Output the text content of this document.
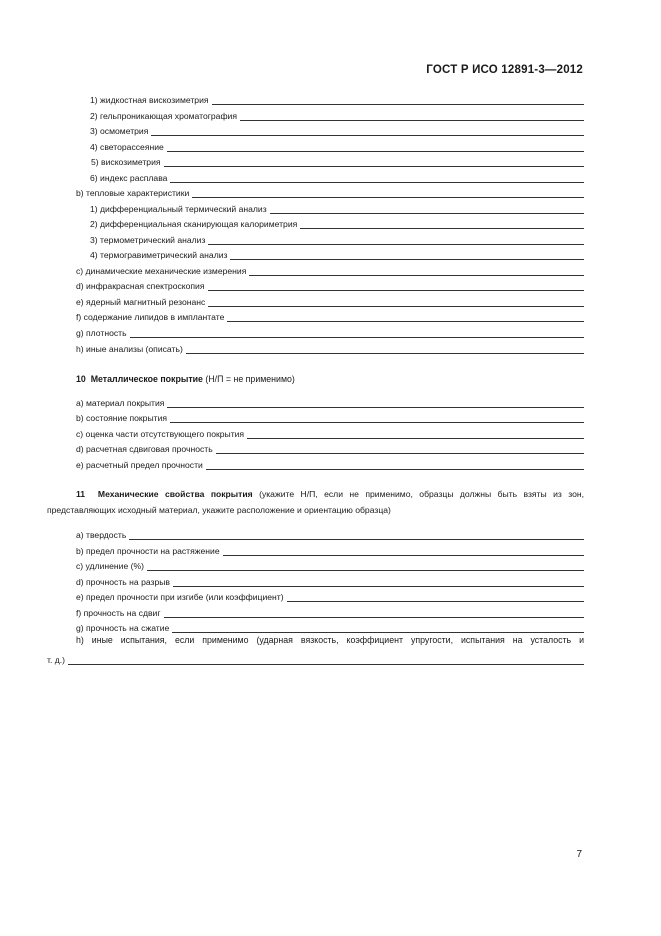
ГОСТ Р ИСО 12891-3—2012
1) жидкостная вискозиметрия
2) гельпроникающая хроматография
3) осмометрия
4) светорассеяние
5) вискозиметрия
6) индекс расплава
b) тепловые характеристики
1) дифференциальный термический анализ
2) дифференциальная сканирующая калориметрия
3) термометрический анализ
4) термогравиметрический анализ
c) динамические механические измерения
d) инфракрасная спектроскопия
e) ядерный магнитный резонанс
f) содержание липидов в имплантате
g) плотность
h) иные анализы (описать)
10 Металлическое покрытие (Н/П = не применимо)
a) материал покрытия
b) состояние покрытия
c) оценка части отсутствующего покрытия
d) расчетная сдвиговая прочность
e) расчетный предел прочности
11 Механические свойства покрытия (укажите Н/П, если не применимо, образцы должны быть взяты из зон, представляющих исходный материал, укажите расположение и ориентацию образца)
a) твердость
b) предел прочности на растяжение
c) удлинение (%)
d) прочность на разрыв
e) предел прочности при изгибе (или коэффициент)
f) прочность на сдвиг
g) прочность на сжатие
h) иные испытания, если применимо (ударная вязкость, коэффициент упругости, испытания на усталость и
т. д.)
7
